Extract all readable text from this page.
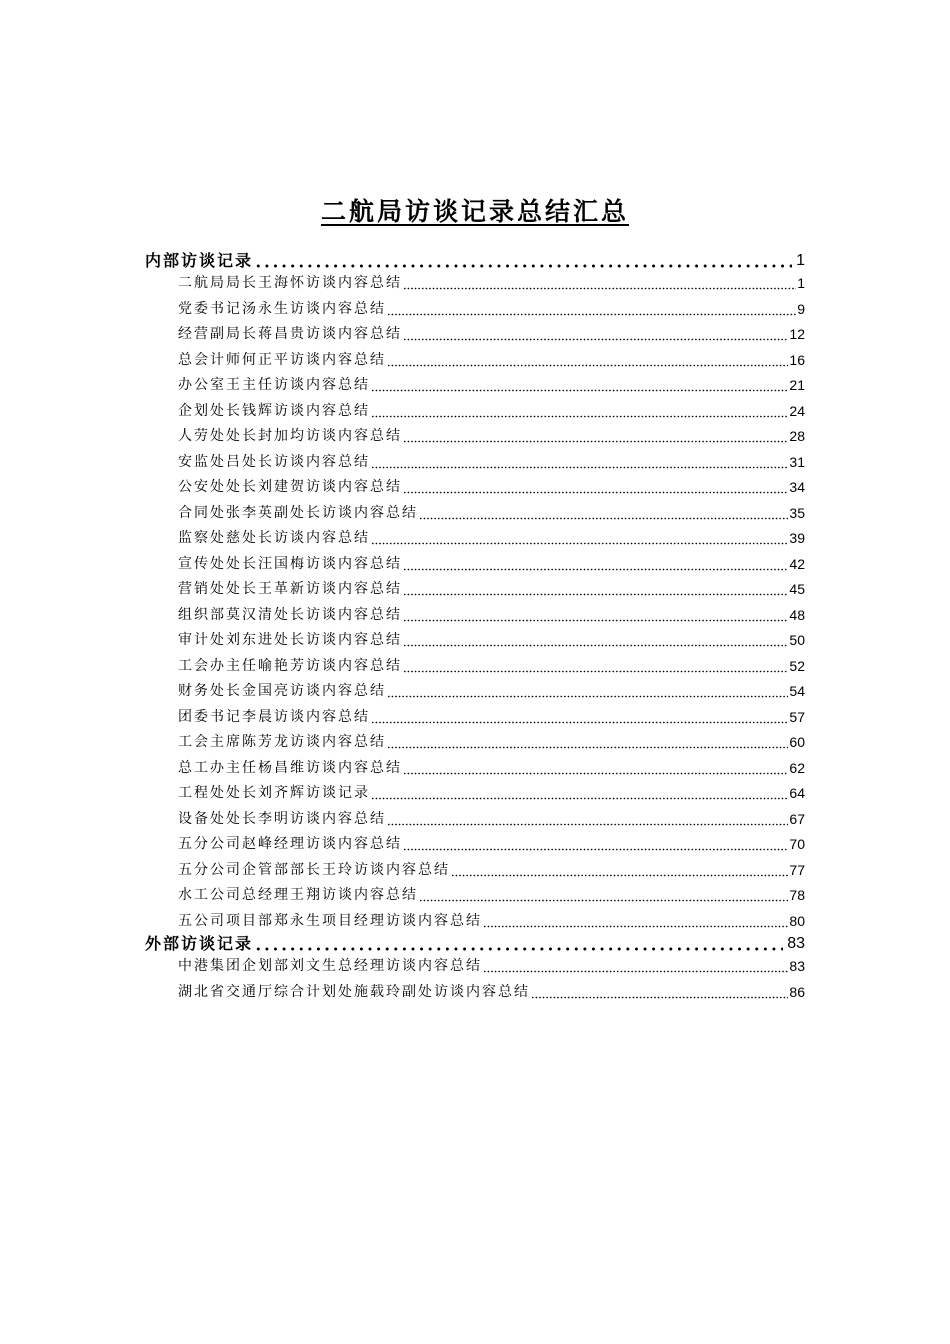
二航局访谈记录总结汇总
内部访谈记录	1
二航局局长王海怀访谈内容总结	1
党委书记汤永生访谈内容总结	9
经营副局长蒋昌贵访谈内容总结	12
总会计师何正平访谈内容总结	16
办公室王主任访谈内容总结	21
企划处长钱辉访谈内容总结	24
人劳处处长封加均访谈内容总结	28
安监处吕处长访谈内容总结	31
公安处处长刘建贺访谈内容总结	34
合同处张李英副处长访谈内容总结	35
监察处慈处长访谈内容总结	39
宣传处处长汪国梅访谈内容总结	42
营销处处长王革新访谈内容总结	45
组织部莫汉清处长访谈内容总结	48
审计处刘东进处长访谈内容总结	50
工会办主任喻艳芳访谈内容总结	52
财务处长金国亮访谈内容总结	54
团委书记李晨访谈内容总结	57
工会主席陈芳龙访谈内容总结	60
总工办主任杨昌维访谈内容总结	62
工程处处长刘齐辉访谈记录	64
设备处处长李明访谈内容总结	67
五分公司赵峰经理访谈内容总结	70
五分公司企管部部长王玲访谈内容总结	77
水工公司总经理王翔访谈内容总结	78
五公司项目部郑永生项目经理访谈内容总结	80
外部访谈记录	83
中港集团企划部刘文生总经理访谈内容总结	83
湖北省交通厅综合计划处施载玲副处访谈内容总结	86
